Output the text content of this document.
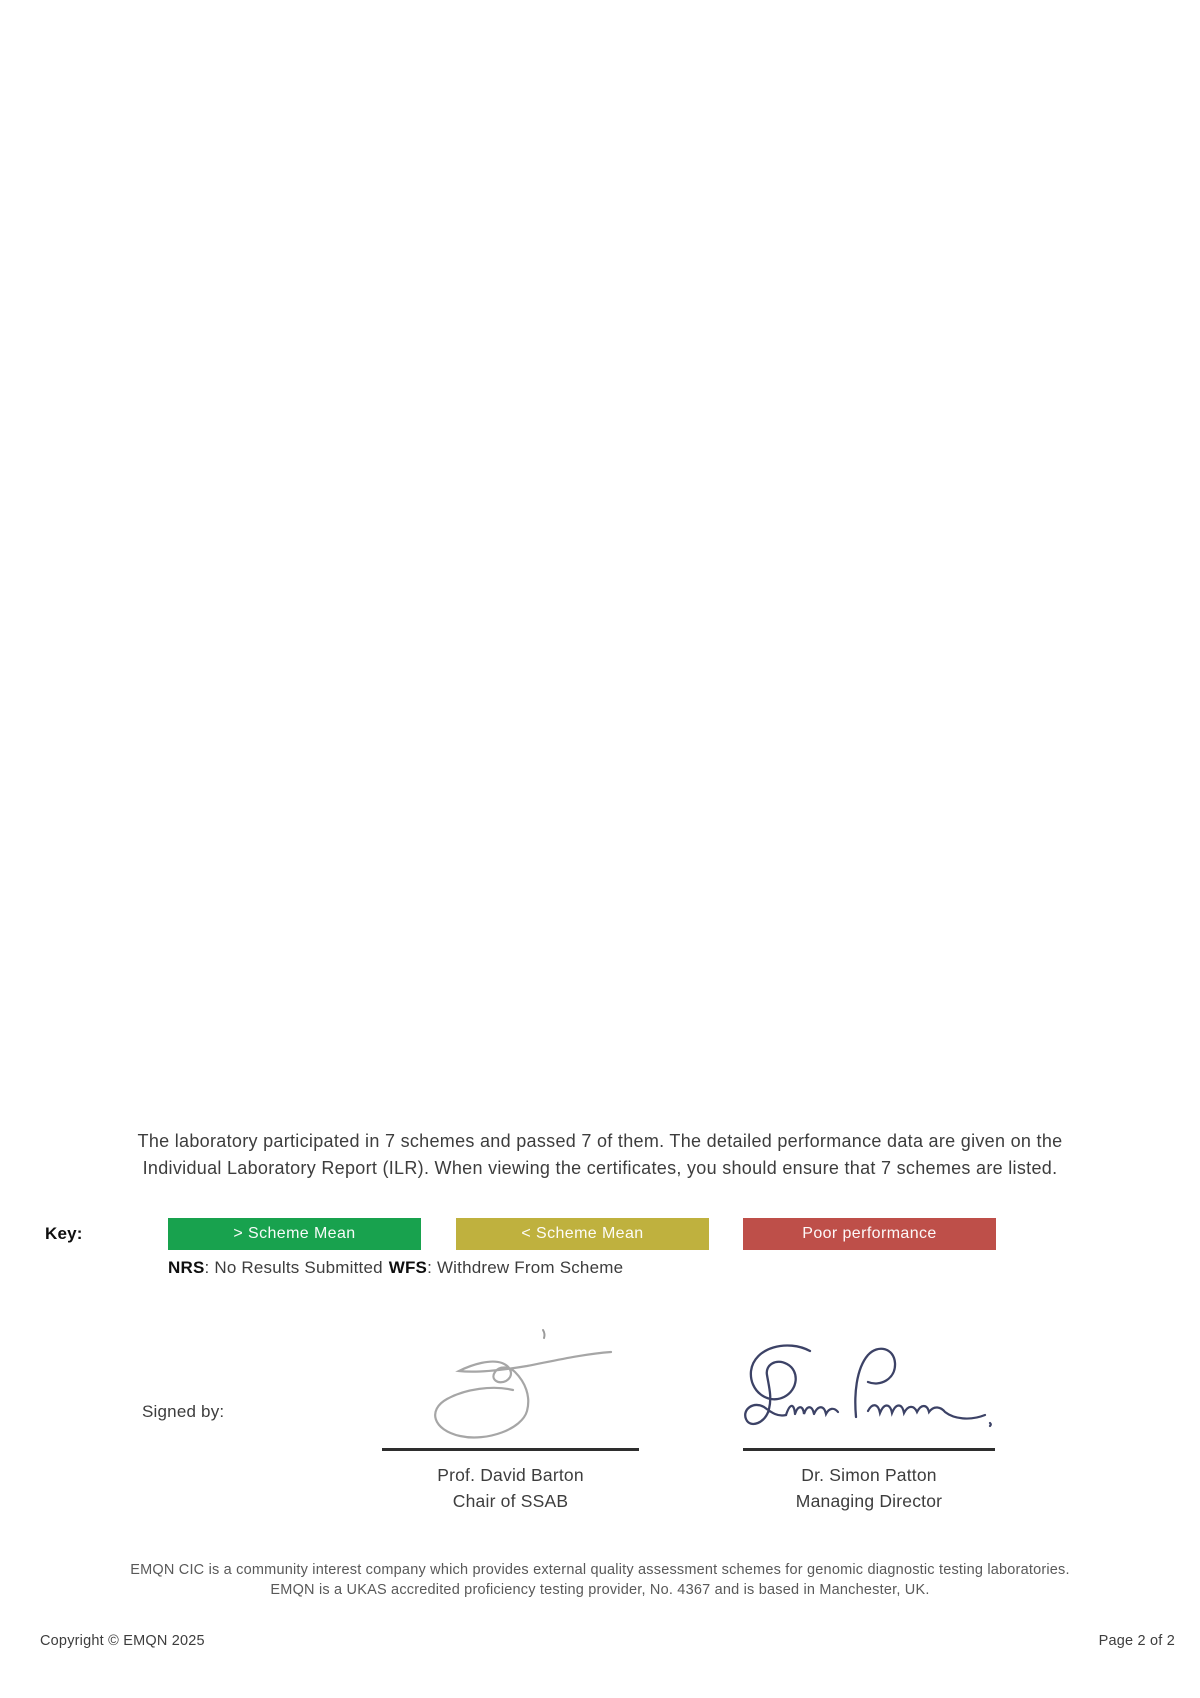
The laboratory participated in 7 schemes and passed 7 of them. The detailed performance data are given on the
Individual Laboratory Report (ILR). When viewing the certificates, you should ensure that 7 schemes are listed.
Key:	> Scheme Mean	< Scheme Mean	Poor performance
NRS: No Results Submitted WFS: Withdrew From Scheme
Signed by:
Prof. David Barton
Chair of SSAB
Dr. Simon Patton
Managing Director
EMQN CIC is a community interest company which provides external quality assessment schemes for genomic diagnostic testing laboratories.
EMQN is a UKAS accredited proficiency testing provider, No. 4367 and is based in Manchester, UK.
Copyright © EMQN 2025	Page 2 of 2
